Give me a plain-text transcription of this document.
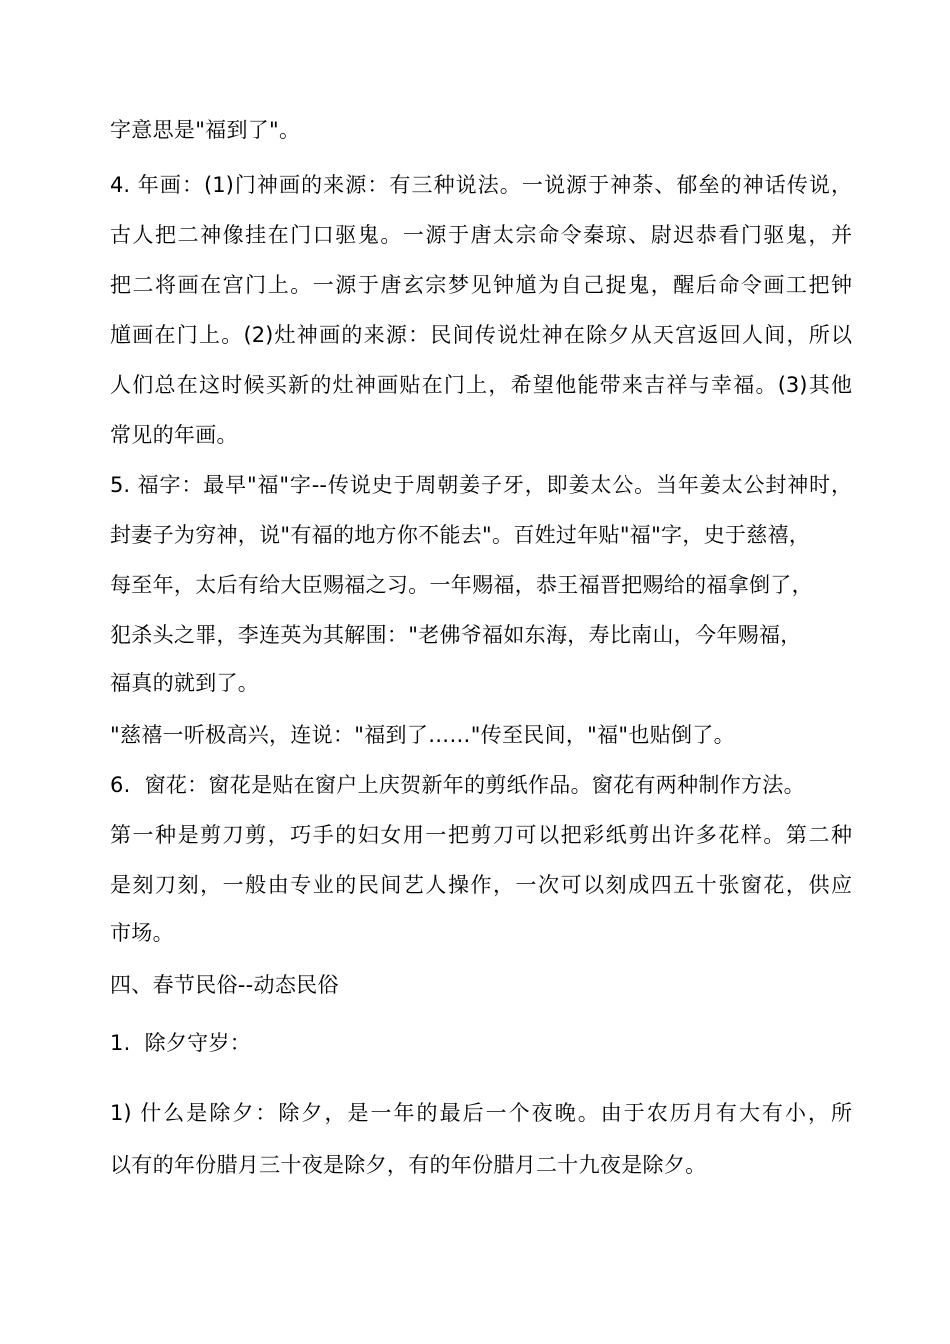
字意思是"福到了"。
4. 年画：(1)门神画的来源：有三种说法。一说源于神荼、郁垒的神话传说，
古人把二神像挂在门口驱鬼。一源于唐太宗命令秦琼、尉迟恭看门驱鬼，并
把二将画在宫门上。一源于唐玄宗梦见钟馗为自己捉鬼，醒后命令画工把钟
馗画在门上。(2)灶神画的来源：民间传说灶神在除夕从天宫返回人间，所以
人们总在这时候买新的灶神画贴在门上，希望他能带来吉祥与幸福。(3)其他
常见的年画。
5. 福字：最早"福"字--传说史于周朝姜子牙，即姜太公。当年姜太公封神时，
封妻子为穷神，说"有福的地方你不能去"。百姓过年贴"福"字，史于慈禧，
每至年，太后有给大臣赐福之习。一年赐福，恭王福晋把赐给的福拿倒了，
犯杀头之罪，李连英为其解围："老佛爷福如东海，寿比南山，今年赐福，
福真的就到了。
"慈禧一听极高兴，连说："福到了……"传至民间，"福"也贴倒了。
6.  窗花：窗花是贴在窗户上庆贺新年的剪纸作品。窗花有两种制作方法。
第一种是剪刀剪，巧手的妇女用一把剪刀可以把彩纸剪出许多花样。第二种
是刻刀刻，一般由专业的民间艺人操作，一次可以刻成四五十张窗花，供应
市场。
四、春节民俗--动态民俗
1.  除夕守岁：
1) 什么是除夕：除夕，是一年的最后一个夜晚。由于农历月有大有小，所
以有的年份腊月三十夜是除夕，有的年份腊月二十九夜是除夕。
